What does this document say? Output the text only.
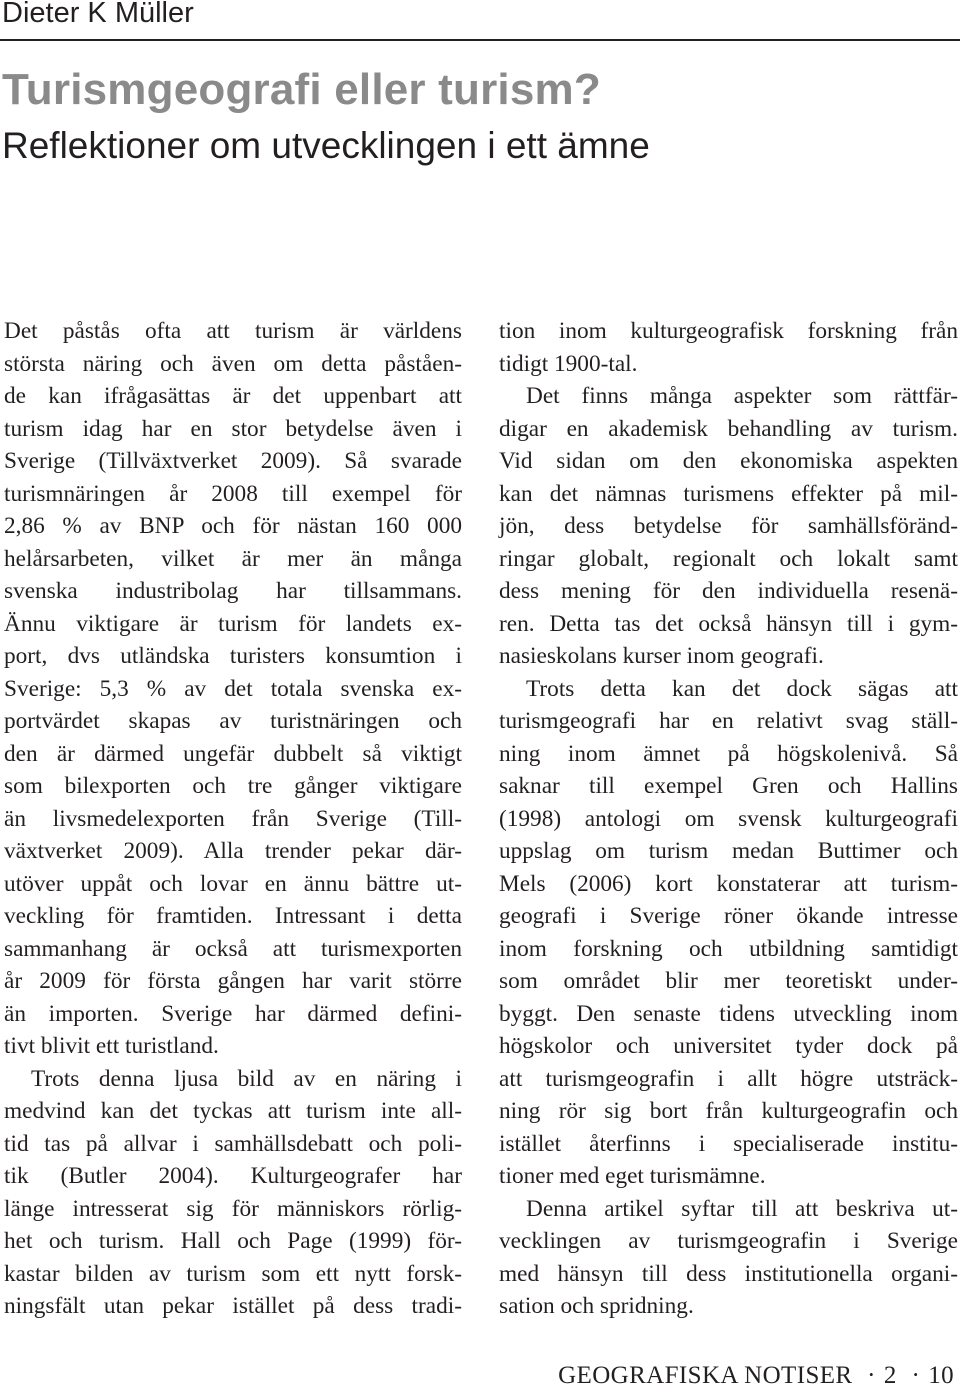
Dieter K Müller
Turismgeografi eller turism?
Reflektioner om utvecklingen i ett ämne
Det påstås ofta att turism är världens
största näring och även om detta påståen-
de kan ifrågasättas är det uppenbart att
turism idag har en stor betydelse även i
Sverige (Tillväxtverket 2009). Så svarade
turismnäringen år 2008 till exempel för
2,86 % av BNP och för nästan 160 000
helårsarbeten, vilket är mer än många
svenska industribolag har tillsammans.
Ännu viktigare är turism för landets ex-
port, dvs utländska turisters konsumtion i
Sverige: 5,3 % av det totala svenska ex-
portvärdet skapas av turistnäringen och
den är därmed ungefär dubbelt så viktigt
som bilexporten och tre gånger viktigare
än livsmedelexporten från Sverige (Till-
växtverket 2009). Alla trender pekar där-
utöver uppåt och lovar en ännu bättre ut-
veckling för framtiden. Intressant i detta
sammanhang är också att turismexporten
år 2009 för första gången har varit större
än importen. Sverige har därmed defini-
tivt blivit ett turistland.
Trots denna ljusa bild av en näring i
medvind kan det tyckas att turism inte all-
tid tas på allvar i samhällsdebatt och poli-
tik (Butler 2004). Kulturgeografer har
länge intresserat sig för människors rörlig-
het och turism. Hall och Page (1999) för-
kastar bilden av turism som ett nytt forsk-
ningsfält utan pekar istället på dess tradi-
tion inom kulturgeografisk forskning från
tidigt 1900-tal.
Det finns många aspekter som rättfär-
digar en akademisk behandling av turism.
Vid sidan om den ekonomiska aspekten
kan det nämnas turismens effekter på mil-
jön, dess betydelse för samhällsföränd-
ringar globalt, regionalt och lokalt samt
dess mening för den individuella resenä-
ren. Detta tas det också hänsyn till i gym-
nasieskolans kurser inom geografi.
Trots detta kan det dock sägas att
turismgeografi har en relativt svag ställ-
ning inom ämnet på högskolenivå. Så
saknar till exempel Gren och Hallins
(1998) antologi om svensk kulturgeografi
uppslag om turism medan Buttimer och
Mels (2006) kort konstaterar att turism-
geografi i Sverige röner ökande intresse
inom forskning och utbildning samtidigt
som området blir mer teoretiskt under-
byggt. Den senaste tidens utveckling inom
högskolor och universitet tyder dock på
att turismgeografin i allt högre utsträck-
ning rör sig bort från kulturgeografin och
istället återfinns i specialiserade institu-
tioner med eget turismämne.
Denna artikel syftar till att beskriva ut-
vecklingen av turismgeografin i Sverige
med hänsyn till dess institutionella organi-
sation och spridning.
GEOGRAFISKA NOTISER · 2 · 10
